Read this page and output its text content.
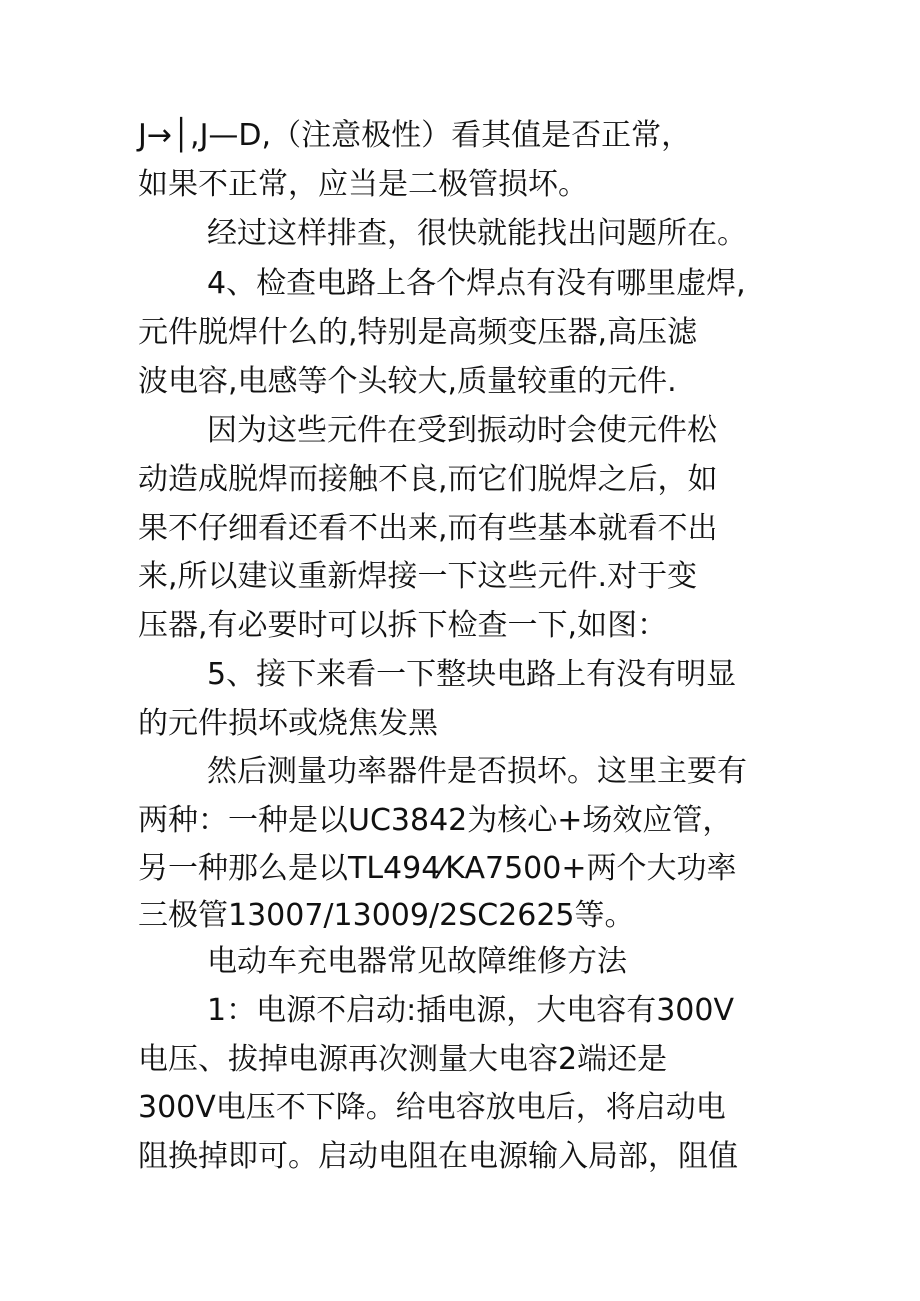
J→│,J—D,（注意极性）看其值是否正常，
如果不正常，应当是二极管损坏。
经过这样排查，很快就能找出问题所在。
4、检查电路上各个焊点有没有哪里虚焊,
元件脱焊什么的,特别是高频变压器,高压滤
波电容,电感等个头较大,质量较重的元件.
因为这些元件在受到振动时会使元件松
动造成脱焊而接触不良,而它们脱焊之后，如
果不仔细看还看不出来,而有些基本就看不出
来,所以建议重新焊接一下这些元件.对于变
压器,有必要时可以拆下检查一下,如图：
5、接下来看一下整块电路上有没有明显
的元件损坏或烧焦发黑
然后测量功率器件是否损坏。这里主要有
两种：一种是以UC3842为核心+场效应管，
另一种那么是以TL494⁄KA7500+两个大功率
三极管13007/13009/2SC2625等。
电动车充电器常见故障维修方法
1：电源不启动:插电源，大电容有300V
电压、拔掉电源再次测量大电容2端还是
300V电压不下降。给电容放电后，将启动电
阻换掉即可。启动电阻在电源输入局部，阻值
